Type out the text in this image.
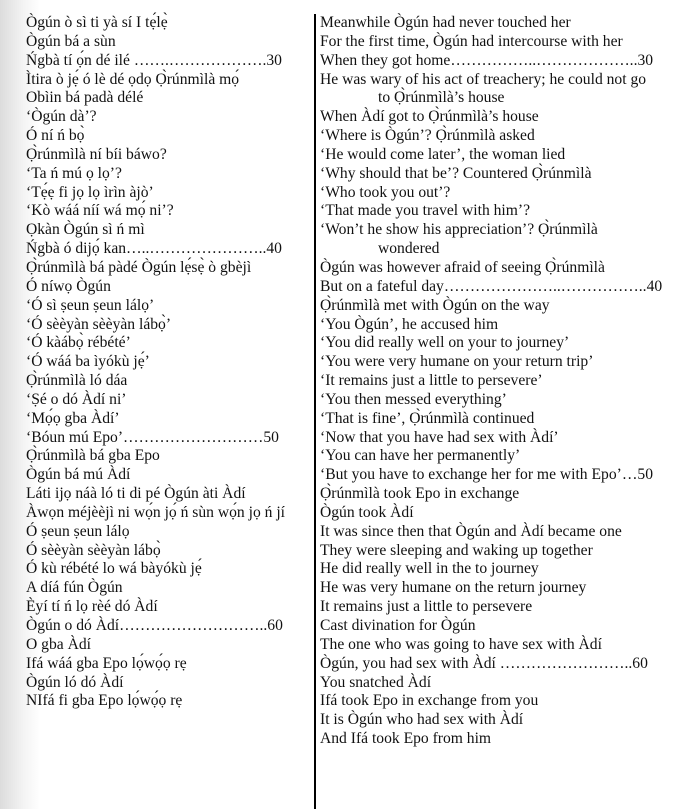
Ògún ò sì ti yà sí I tẹ́lẹ̀
Ògún bá a sùn
Ńgbà tí ọ́n dé ilé …….……………….30
Ìtira ò jẹ́ ó lè dé ọdọ Ọ̀rúnmìlà mọ́
Obìin bá padà délé
‘Ògún dà’?
Ó ní ń bọ̀
Ọ̀rúnmìlà ní bíi báwo?
‘Ta ń mú ọ lọ’?
‘Tẹ́ẹ fi jọ lọ ìrìn àjò’
‘Kò wáá níí wá mọ́ ni’?
Ọkàn Ògún sì ń mì
Ńgbà ó dijọ́ kan…..…………………..40
Ọ̀rúnmìlà bá pàdé Ògún lẹ́sẹ̀ ò gbèjì
Ó níwọ Ògún
‘Ó sì ṣeun ṣeun lálọ’
‘Ó sèèyàn sèèyàn lábọ̀’
‘Ó kàábọ̀ rébété’
‘Ó wáá ba ìyókù jẹ́’
Ọ̀rúnmìlà ló dáa
‘Ṣé o dó Àdí ni’
‘Mọ́ọ gba Àdí’
‘Bóun mú Epo’………………………50
Ọ̀rúnmìlà bá gba Epo
Ògún bá mú Àdí
Láti ijọ náà ló ti di pé Ògún àti Àdí
Àwọn méjèèjì ni wọ́n jọ́ ń sùn wọ́n jọ ń jí
Ó ṣeun ṣeun lálọ
Ó sèèyàn sèèyàn lábọ̀
Ó kù rébété lo wá bàyókù jẹ́
A díá fún Ògún
Èyí tí ń lọ rèé dó Àdí
Ògún o dó Àdí………………………..60
O gba Àdí
Ifá wáá gba Epo lọ́wọ́ọ rẹ
Ògún ló dó Àdí
NIfá fi gba Epo lọ́wọ́ọ rẹ
Meanwhile Ògún had never touched her
For the first time, Ògún had intercourse with her
When they got home……………..………………..30
He was wary of his act of treachery; he could not go
to Ọ̀rúnmìlà’s house
When Àdí got to Ọ̀rúnmìlà’s house
‘Where is Ògún’? Ọ̀rúnmìlà asked
‘He would come later’, the woman lied
‘Why should that be’? Countered Ọ̀rúnmìlà
‘Who took you out’?
‘That made you travel with him’?
‘Won’t he show his appreciation’? Ọ̀rúnmìlà
wondered
Ògún was however afraid of seeing Ọ̀rúnmìlà
But on a fateful day…………………..……………..40
Ọ̀rúnmìlà met with Ògún on the way
‘You Ògún’, he accused him
‘You did really well on your to journey’
‘You were very humane on your return trip’
‘It remains just a little to persevere’
‘You then messed everything’
‘That is fine’, Ọ̀rúnmìlà continued
‘Now that you have had sex with Àdí’
‘You can have her permanently’
‘But you have to exchange her for me with Epo’…50
Ọ̀rúnmìlà took Epo in exchange
Ògún took Àdí
It was since then that Ògún and Àdí became one
They were sleeping and waking up together
He did really well in the to journey
He was very humane on the return journey
It remains just a little to persevere
Cast divination for Ògún
The one who was going to have sex with Àdí
Ògún, you had sex with Àdí ……………………..60
You snatched Àdí
Ifá took Epo in exchange from you
It is Ògún who had sex with Àdí
And Ifá took Epo from him
